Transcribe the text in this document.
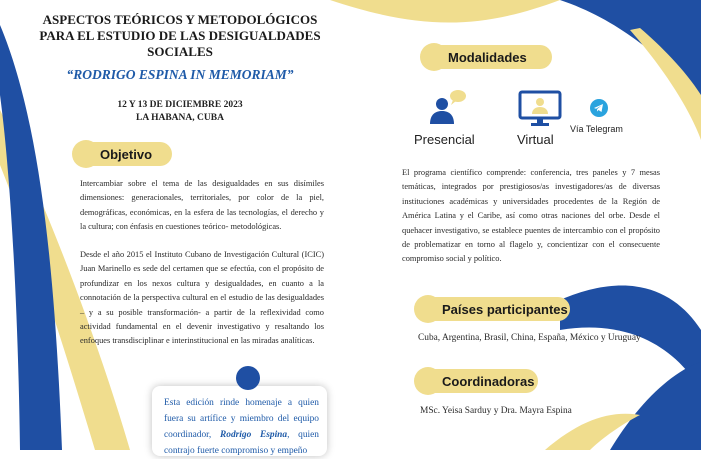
ASPECTOS TEÓRICOS Y METODOLÓGICOS PARA EL ESTUDIO DE LAS DESIGUALDADES SOCIALES
“RODRIGO ESPINA IN MEMORIAM”
12 Y 13 DE DICIEMBRE 2023
LA HABANA, CUBA
Objetivo
Intercambiar sobre el tema de las desigualdades en sus disímiles dimensiones: generacionales, territoriales, por color de la piel, demográficas, económicas, en la esfera de las tecnologías, el derecho y la cultura; con énfasis en cuestiones teórico- metodológicas.
Desde el año 2015 el Instituto Cubano de Investigación Cultural (ICIC) Juan Marinello es sede del certamen que se efectúa, con el propósito de profundizar en los nexos cultura y desigualdades, en cuanto a la connotación de la perspectiva cultural en el estudio de las desigualdades – y a su posible transformación- a partir de la reflexividad como actividad fundamental en el devenir investigativo y resaltando los enfoques transdisciplinar e interinstitucional en las miradas analíticas.
Esta edición rinde homenaje a quien fuera su artífice y miembro del equipo coordinador, Rodrigo Espina, quien contrajo fuerte compromiso y empeño
Modalidades
Presencial	Virtual
Vía Telegram
El programa científico comprende: conferencia, tres paneles y 7 mesas temáticas, integrados por prestigiosos/as investigadores/as de diversas instituciones académicas y universidades procedentes de la Región de América Latina y el Caribe, así como otras naciones del orbe. Desde el quehacer investigativo, se establece puentes de intercambio con el propósito de problematizar en torno al flagelo y, concientizar con el consecuente compromiso social y político.
Países participantes
Cuba, Argentina, Brasil, China, España, México y Uruguay
Coordinadoras
MSc. Yeisa Sarduy y Dra. Mayra Espina
